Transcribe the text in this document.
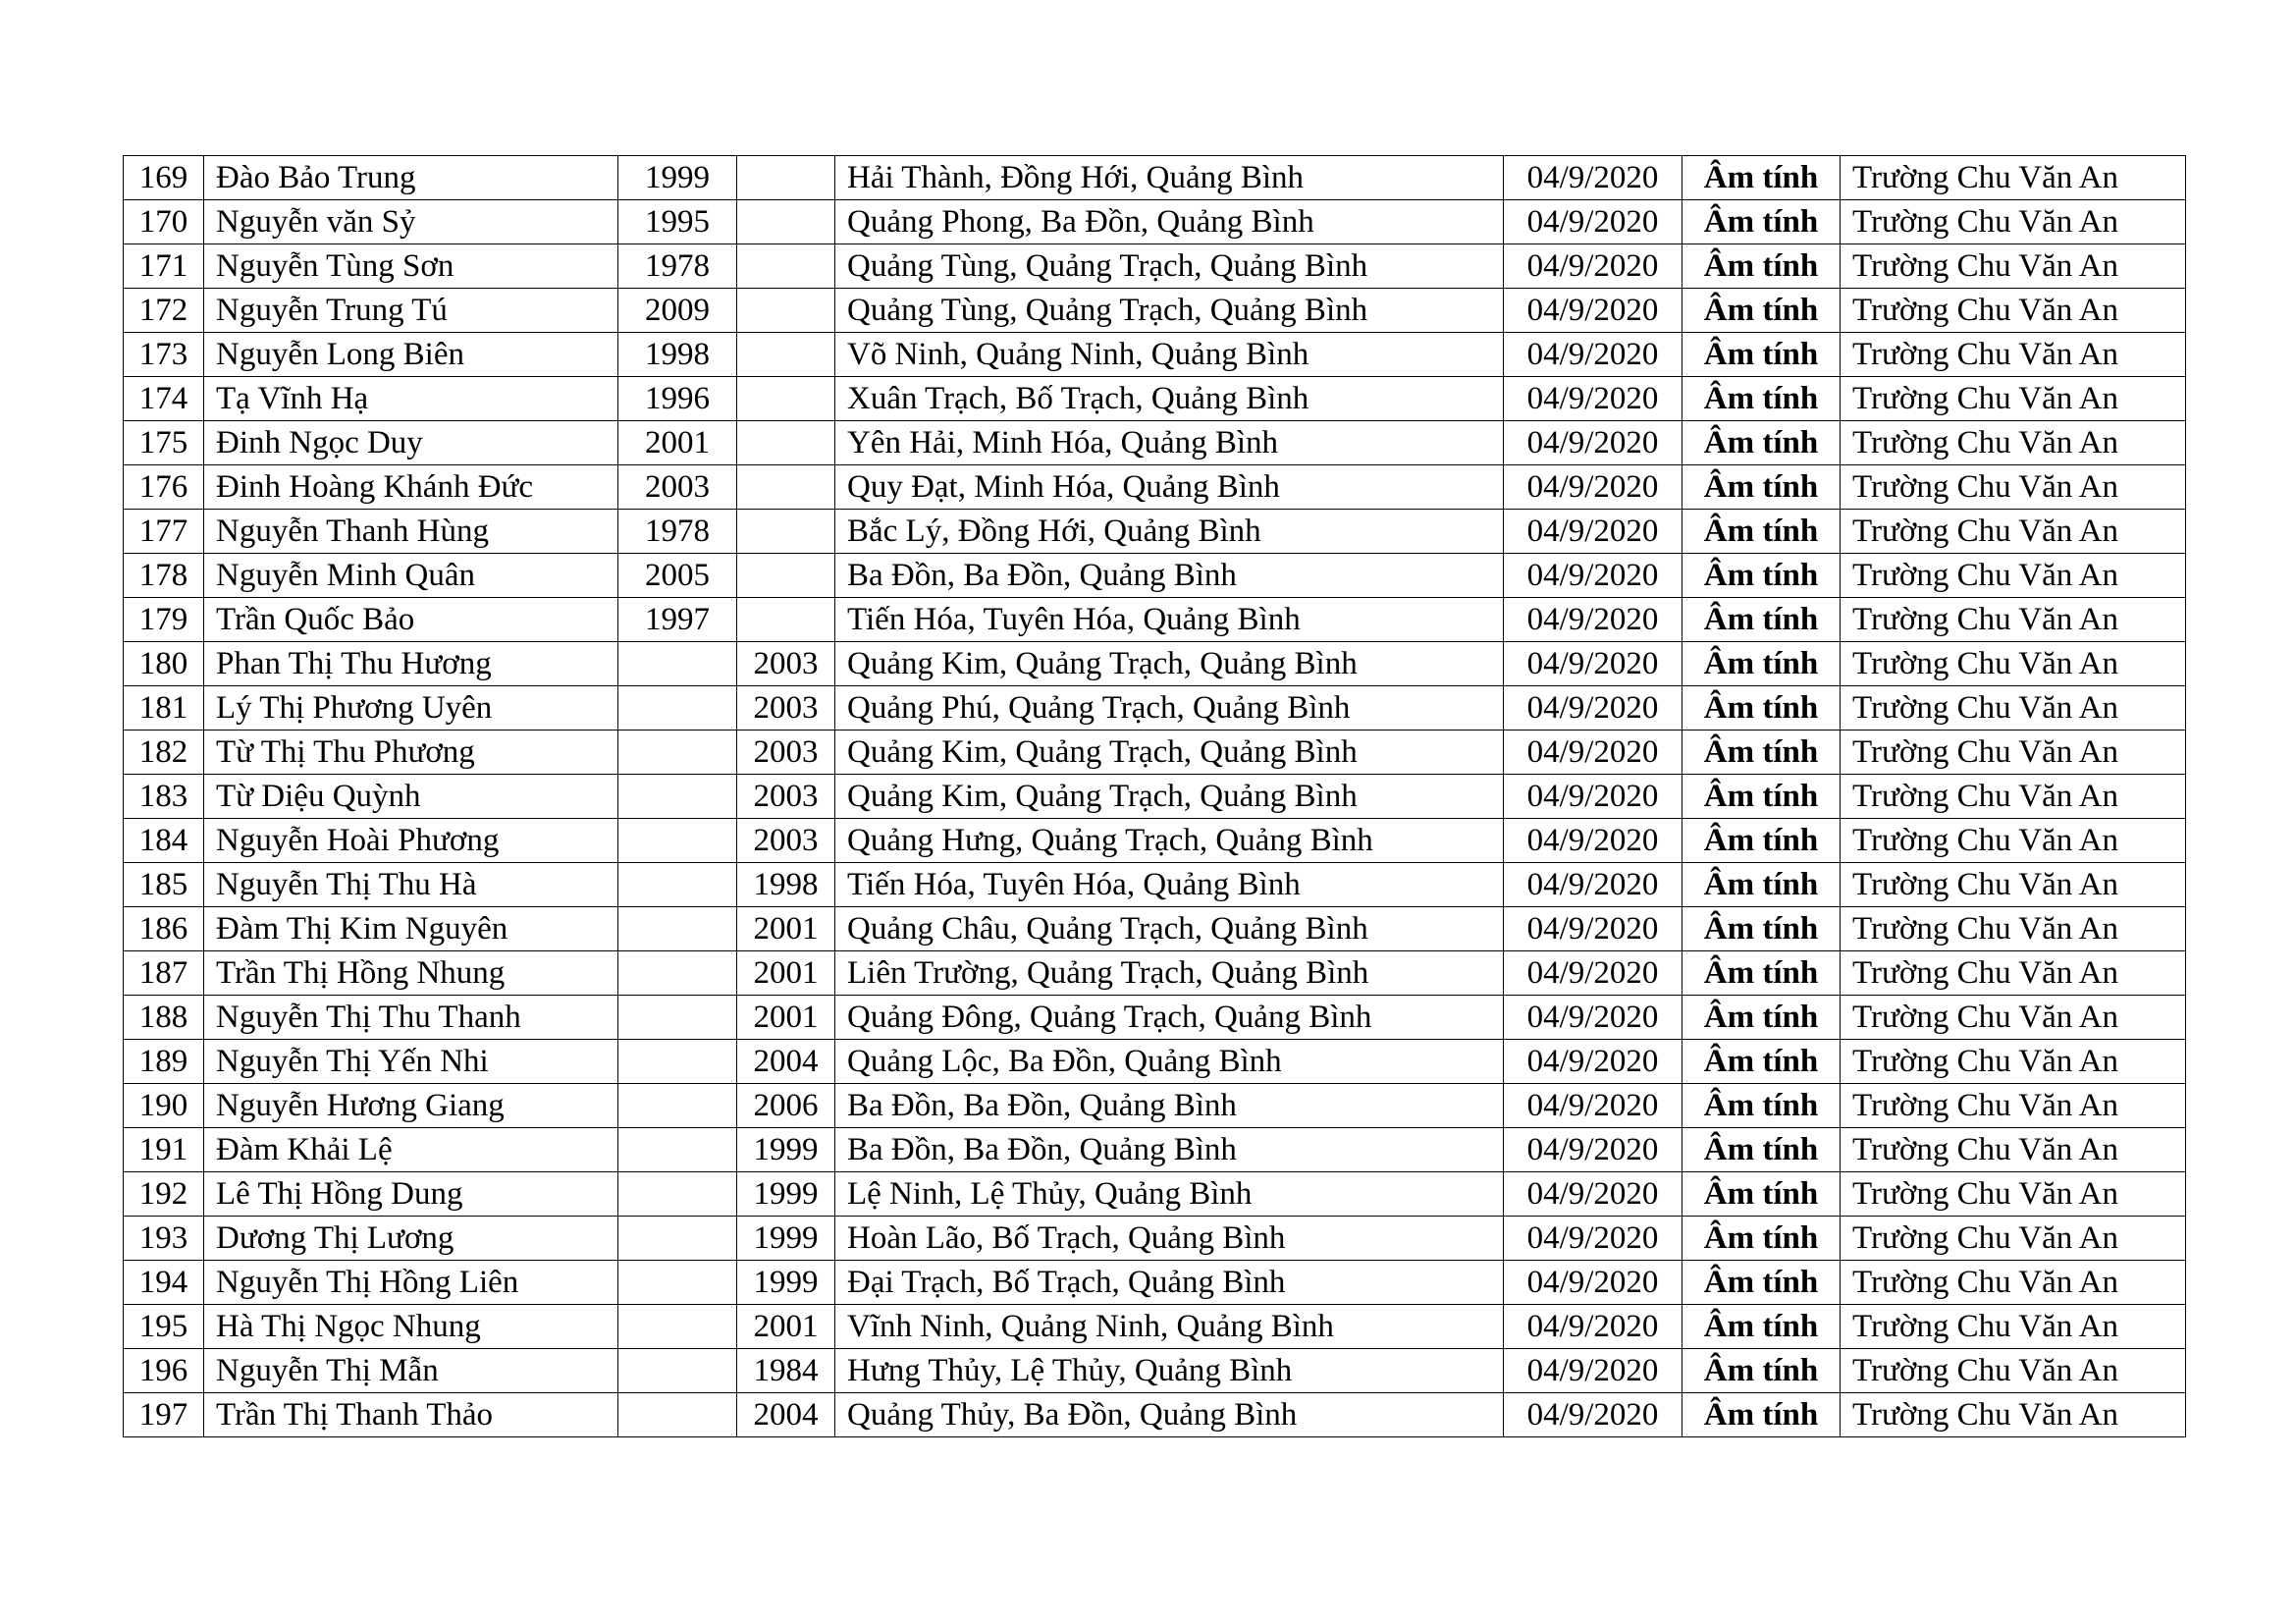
169	Đào Bảo Trung	1999		Hải Thành, Đồng Hới, Quảng Bình	04/9/2020	Âm tính	Trường Chu Văn An
170	Nguyễn văn Sỷ	1995		Quảng Phong, Ba Đồn, Quảng Bình	04/9/2020	Âm tính	Trường Chu Văn An
171	Nguyễn Tùng Sơn	1978		Quảng Tùng, Quảng Trạch, Quảng Bình	04/9/2020	Âm tính	Trường Chu Văn An
172	Nguyễn Trung Tú	2009		Quảng Tùng, Quảng Trạch, Quảng Bình	04/9/2020	Âm tính	Trường Chu Văn An
173	Nguyễn Long Biên	1998		Võ Ninh, Quảng Ninh, Quảng Bình	04/9/2020	Âm tính	Trường Chu Văn An
174	Tạ Vĩnh Hạ	1996		Xuân Trạch, Bố Trạch, Quảng Bình	04/9/2020	Âm tính	Trường Chu Văn An
175	Đinh Ngọc Duy	2001		Yên Hải, Minh Hóa, Quảng Bình	04/9/2020	Âm tính	Trường Chu Văn An
176	Đinh Hoàng Khánh Đức	2003		Quy Đạt, Minh Hóa, Quảng Bình	04/9/2020	Âm tính	Trường Chu Văn An
177	Nguyễn Thanh Hùng	1978		Bắc Lý, Đồng Hới, Quảng Bình	04/9/2020	Âm tính	Trường Chu Văn An
178	Nguyễn Minh Quân	2005		Ba Đồn, Ba Đồn, Quảng Bình	04/9/2020	Âm tính	Trường Chu Văn An
179	Trần Quốc Bảo	1997		Tiến Hóa, Tuyên Hóa, Quảng Bình	04/9/2020	Âm tính	Trường Chu Văn An
180	Phan Thị Thu Hương		2003	Quảng Kim, Quảng Trạch, Quảng Bình	04/9/2020	Âm tính	Trường Chu Văn An
181	Lý Thị Phương Uyên		2003	Quảng Phú, Quảng Trạch, Quảng Bình	04/9/2020	Âm tính	Trường Chu Văn An
182	Từ Thị Thu Phương		2003	Quảng Kim, Quảng Trạch, Quảng Bình	04/9/2020	Âm tính	Trường Chu Văn An
183	Từ Diệu Quỳnh		2003	Quảng Kim, Quảng Trạch, Quảng Bình	04/9/2020	Âm tính	Trường Chu Văn An
184	Nguyễn Hoài Phương		2003	Quảng Hưng, Quảng Trạch, Quảng Bình	04/9/2020	Âm tính	Trường Chu Văn An
185	Nguyễn Thị Thu Hà		1998	Tiến Hóa, Tuyên Hóa, Quảng Bình	04/9/2020	Âm tính	Trường Chu Văn An
186	Đàm Thị Kim Nguyên		2001	Quảng Châu, Quảng Trạch, Quảng Bình	04/9/2020	Âm tính	Trường Chu Văn An
187	Trần Thị Hồng Nhung		2001	Liên Trường, Quảng Trạch, Quảng Bình	04/9/2020	Âm tính	Trường Chu Văn An
188	Nguyễn Thị Thu Thanh		2001	Quảng Đông, Quảng Trạch, Quảng Bình	04/9/2020	Âm tính	Trường Chu Văn An
189	Nguyễn Thị Yến Nhi		2004	Quảng Lộc, Ba Đồn, Quảng Bình	04/9/2020	Âm tính	Trường Chu Văn An
190	Nguyễn Hương Giang		2006	Ba Đồn, Ba Đồn, Quảng Bình	04/9/2020	Âm tính	Trường Chu Văn An
191	Đàm Khải Lệ		1999	Ba Đồn, Ba Đồn, Quảng Bình	04/9/2020	Âm tính	Trường Chu Văn An
192	Lê Thị Hồng Dung		1999	Lệ Ninh, Lệ Thủy, Quảng Bình	04/9/2020	Âm tính	Trường Chu Văn An
193	Dương Thị Lương		1999	Hoàn Lão, Bố Trạch, Quảng Bình	04/9/2020	Âm tính	Trường Chu Văn An
194	Nguyễn Thị Hồng Liên		1999	Đại Trạch, Bố Trạch, Quảng Bình	04/9/2020	Âm tính	Trường Chu Văn An
195	Hà Thị Ngọc Nhung		2001	Vĩnh Ninh, Quảng Ninh, Quảng Bình	04/9/2020	Âm tính	Trường Chu Văn An
196	Nguyễn Thị Mẫn		1984	Hưng Thủy, Lệ Thủy, Quảng Bình	04/9/2020	Âm tính	Trường Chu Văn An
197	Trần Thị Thanh Thảo		2004	Quảng Thủy, Ba Đồn, Quảng Bình	04/9/2020	Âm tính	Trường Chu Văn An
